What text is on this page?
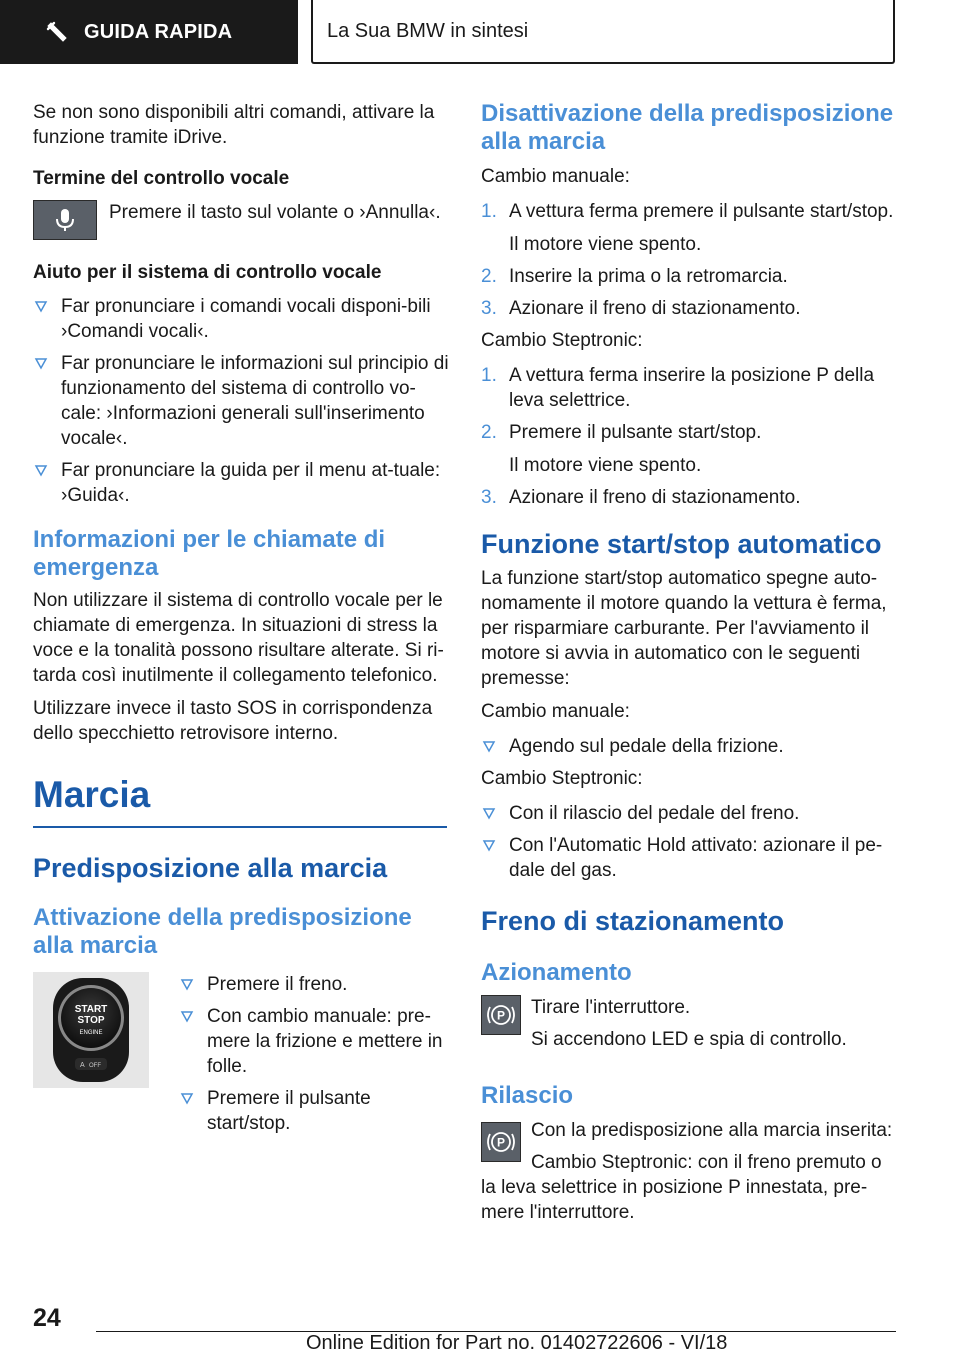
GUIDA RAPIDA	La Sua BMW in sintesi

Se non sono disponibili altri comandi, attivare la funzione tramite iDrive.

Termine del controllo vocale

Premere il tasto sul volante o ›Annulla‹.

Aiuto per il sistema di controllo vocale
Far pronunciare i comandi vocali disponi-bili ›Comandi vocali‹.
Far pronunciare le informazioni sul principio di funzionamento del sistema di controllo vo-cale: ›Informazioni generali sull'inserimento vocale‹.
Far pronunciare la guida per il menu at-tuale: ›Guida‹.
Informazioni per le chiamate di emergenza

Non utilizzare il sistema di controllo vocale per le chiamate di emergenza. In situazioni di stress la voce e la tonalità possono risultare alterate. Si ri-tarda così inutilmente il collegamento telefonico.

Utilizzare invece il tasto SOS in corrispondenza dello specchietto retrovisore interno.

Marcia
Predisposizione alla marcia
Attivazione della predisposizione alla marcia
START
STOP
ENGINE
OFF
A
Premere il freno.
Con cambio manuale: pre-mere la frizione e mettere in folle.
Premere il pulsante start/stop.
Disattivazione della predisposizione alla marcia

Cambio manuale:

1. A vettura ferma premere il pulsante start/stop.
Il motore viene spento.
2. Inserire la prima o la retromarcia.
3. Azionare il freno di stazionamento.

Cambio Steptronic:

1. A vettura ferma inserire la posizione P della leva selettrice.
2. Premere il pulsante start/stop.
Il motore viene spento.
3. Azionare il freno di stazionamento.
Funzione start/stop automatico

La funzione start/stop automatico spegne auto-nomamente il motore quando la vettura è ferma, per risparmiare carburante. Per l'avviamento il motore si avvia in automatico con le seguenti premesse:

Cambio manuale:

Agendo sul pedale della frizione.

Cambio Steptronic:

Con il rilascio del pedale del freno.
Con l'Automatic Hold attivato: azionare il pe-dale del gas.
Freno di stazionamento
Azionamento
P Tirare l'interruttore.

Si accendono LED e spia di controllo.

Rilascio
P

Con la predisposizione alla marcia inserita:

Cambio Steptronic: con il freno premuto o la leva selettrice in posizione P innestata, pre-mere l'interruttore.

24
Online Edition for Part no. 01402722606 - VI/18
